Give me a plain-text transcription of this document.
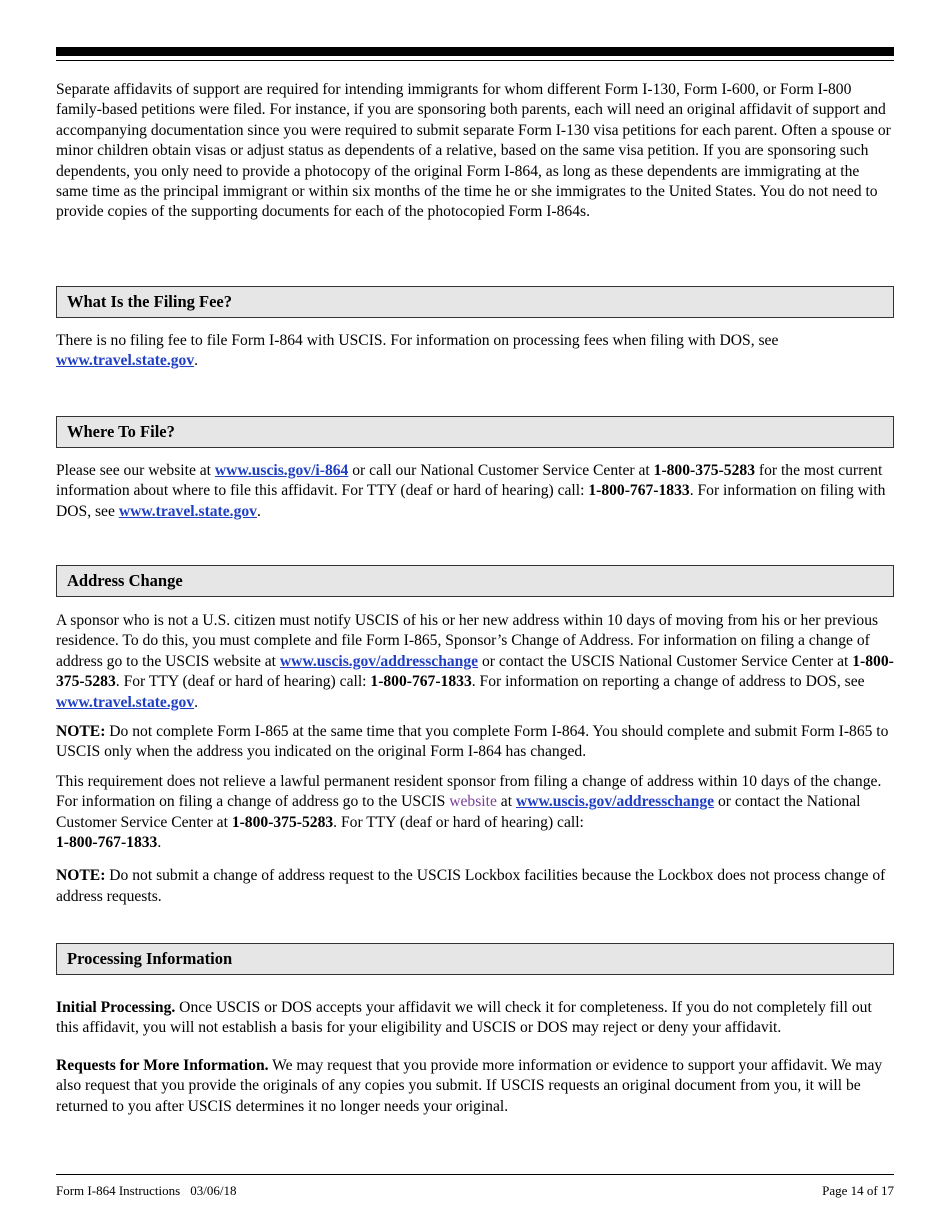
Separate affidavits of support are required for intending immigrants for whom different Form I-130, Form I-600, or Form I-800 family-based petitions were filed. For instance, if you are sponsoring both parents, each will need an original affidavit of support and accompanying documentation since you were required to submit separate Form I-130 visa petitions for each parent. Often a spouse or minor children obtain visas or adjust status as dependents of a relative, based on the same visa petition. If you are sponsoring such dependents, you only need to provide a photocopy of the original Form I-864, as long as these dependents are immigrating at the same time as the principal immigrant or within six months of the time he or she immigrates to the United States. You do not need to provide copies of the supporting documents for each of the photocopied Form I-864s.

What Is the Filing Fee?

There is no filing fee to file Form I-864 with USCIS. For information on processing fees when filing with DOS, see www.travel.state.gov.

Where To File?

Please see our website at www.uscis.gov/i-864 or call our National Customer Service Center at 1-800-375-5283 for the most current information about where to file this affidavit. For TTY (deaf or hard of hearing) call: 1-800-767-1833. For information on filing with DOS, see www.travel.state.gov.

Address Change

A sponsor who is not a U.S. citizen must notify USCIS of his or her new address within 10 days of moving from his or her previous residence. To do this, you must complete and file Form I-865, Sponsor’s Change of Address. For information on filing a change of address go to the USCIS website at www.uscis.gov/addresschange or contact the USCIS National Customer Service Center at 1-800-375-5283. For TTY (deaf or hard of hearing) call: 1-800-767-1833. For information on reporting a change of address to DOS, see www.travel.state.gov.

NOTE: Do not complete Form I-865 at the same time that you complete Form I-864. You should complete and submit Form I-865 to USCIS only when the address you indicated on the original Form I-864 has changed.

This requirement does not relieve a lawful permanent resident sponsor from filing a change of address within 10 days of the change. For information on filing a change of address go to the USCIS website at www.uscis.gov/addresschange or contact the National Customer Service Center at 1-800-375-5283. For TTY (deaf or hard of hearing) call:
1-800-767-1833.

NOTE: Do not submit a change of address request to the USCIS Lockbox facilities because the Lockbox does not process change of address requests.

Processing Information

Initial Processing. Once USCIS or DOS accepts your affidavit we will check it for completeness. If you do not completely fill out this affidavit, you will not establish a basis for your eligibility and USCIS or DOS may reject or deny your affidavit.

Requests for More Information. We may request that you provide more information or evidence to support your affidavit. We may also request that you provide the originals of any copies you submit. If USCIS requests an original document from you, it will be returned to you after USCIS determines it no longer needs your original.

Form I-864 Instructions 03/06/18	Page 14 of 17
